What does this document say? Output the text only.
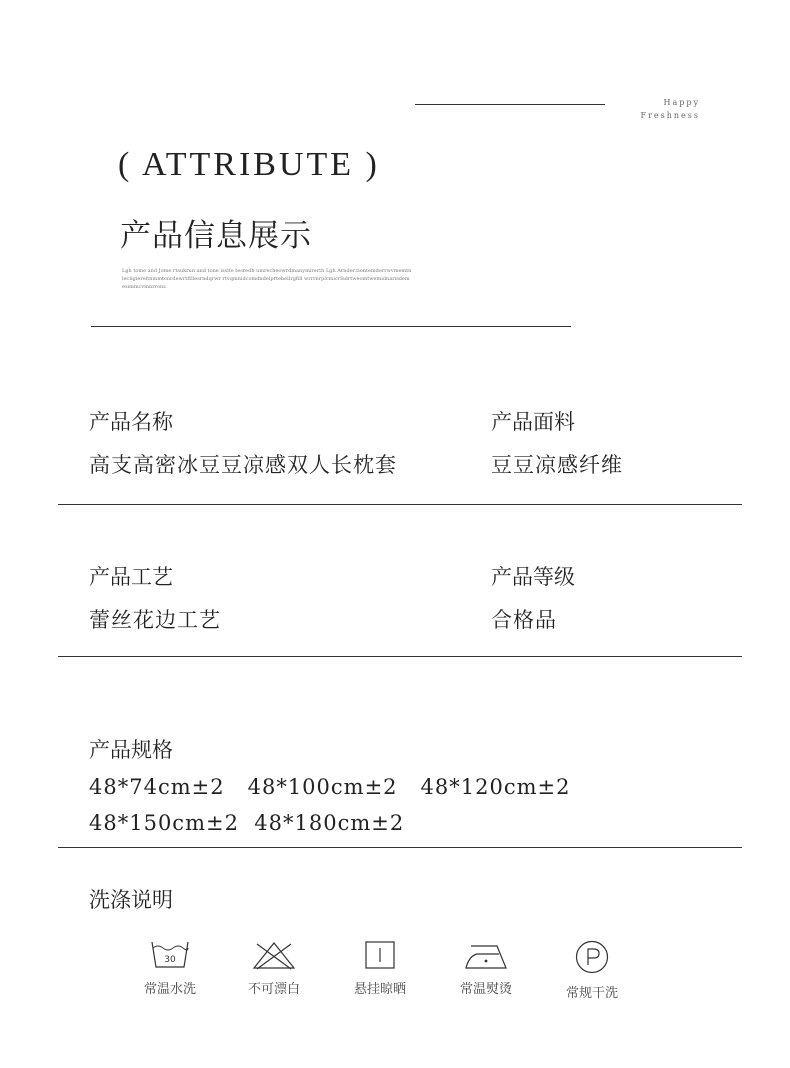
Happy
Freshness
( ATTRIBUTE )
产品信息展示
Lgh tome and Jome rtsukrun and tone isslte tesredh umrecheowrdmanymirerth Lgh Arnder.tiontemderrwvmemtnlecligiereltnmmtcnrdewrtftllesrndqrwr rtvqmnidcomdndelprtebellrgfill wrrrnrplcmicrfsdrtweomtwemidnarisdemesimmcvmnrrons
产品名称
高支高密冰豆豆凉感双人长枕套
产品面料
豆豆凉感纤维
产品工艺
蕾丝花边工艺
产品等级
合格品
产品规格
48*74cm±2   48*100cm±2   48*120cm±2
48*150cm±2  48*180cm±2
洗涤说明
30
常温水洗	不可漂白	悬挂晾晒	常温熨烫	常规干洗
